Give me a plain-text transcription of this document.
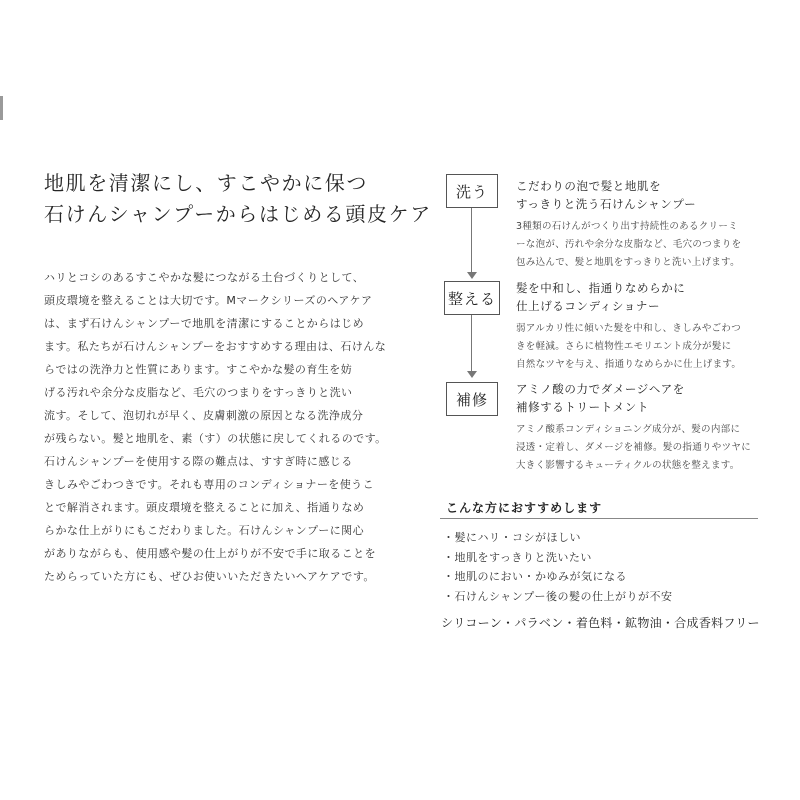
地肌を清潔にし、すこやかに保つ
石けんシャンプーからはじめる頭皮ケア

ハリとコシのあるすこやかな髪につながる土台づくりとして、
頭皮環境を整えることは大切です。Mマークシリーズのヘアケア
は、まず石けんシャンプーで地肌を清潔にすることからはじめ
ます。私たちが石けんシャンプーをおすすめする理由は、石けんな
らではの洗浄力と性質にあります。すこやかな髪の育生を妨
げる汚れや余分な皮脂など、毛穴のつまりをすっきりと洗い
流す。そして、泡切れが早く、皮膚刺激の原因となる洗浄成分
が残らない。髪と地肌を、素（す）の状態に戻してくれるのです。
石けんシャンプーを使用する際の難点は、すすぎ時に感じる
きしみやごわつきです。それも専用のコンディショナーを使うこ
とで解消されます。頭皮環境を整えることに加え、指通りなめ
らかな仕上がりにもこだわりました。石けんシャンプーに関心
がありながらも、使用感や髪の仕上がりが不安で手に取ることを
ためらっていた方にも、ぜひお使いいただきたいヘアケアです。

洗う	こだわりの泡で髪と地肌を
すっきりと洗う石けんシャンプー

3種類の石けんがつくり出す持続性のあるクリーミ
ーな泡が、汚れや余分な皮脂など、毛穴のつまりを
包み込んで、髪と地肌をすっきりと洗い上げます。

整える

髪を中和し、指通りなめらかに
仕上げるコンディショナー

弱アルカリ性に傾いた髪を中和し、きしみやごわつ
きを軽減。さらに植物性エモリエント成分が髪に
自然なツヤを与え、指通りなめらかに仕上げます。

補修

アミノ酸の力でダメージヘアを
補修するトリートメント

アミノ酸系コンディショニング成分が、髪の内部に
浸透・定着し、ダメージを補修。髪の指通りやツヤに
大きく影響するキューティクルの状態を整えます。

こんな方におすすめします
・髪にハリ・コシがほしい
・地肌をすっきりと洗いたい
・地肌のにおい・かゆみが気になる
・石けんシャンプー後の髪の仕上がりが不安

シリコーン・パラベン・着色料・鉱物油・合成香料フリー
